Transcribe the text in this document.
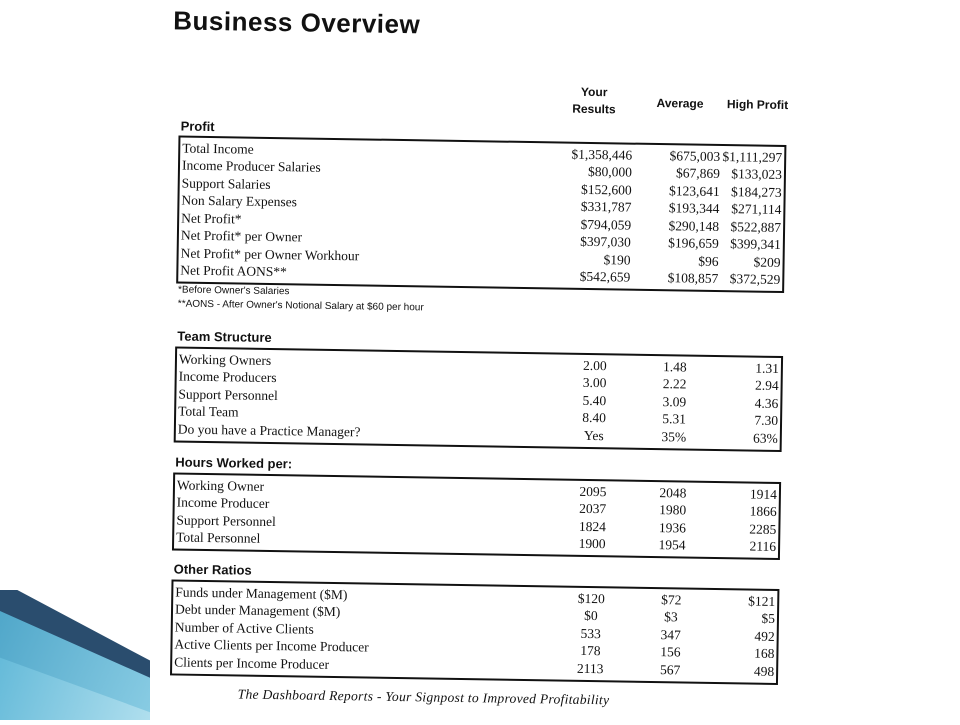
Business Overview
Your
Results	Average	High Profit
Profit
Total Income	$1,358,446	$675,003 $1,111,297
Income Producer Salaries	$80,000	$67,869 $133,023
Support Salaries	$152,600	$123,641 $184,273
Non Salary Expenses	$331,787	$193,344 $271,114
Net Profit*	$794,059	$290,148 $522,887
Net Profit* per Owner	$397,030	$196,659 $399,341
Net Profit* per Owner Workhour	$190	$96	$209
Net Profit AONS**	$542,659	$108,857 $372,529
*Before Owner's Salaries
**AONS - After Owner's Notional Salary at $60 per hour
Team Structure
Working Owners	2.00	1.48	1.31
Income Producers	3.00	2.22	2.94
Support Personnel	5.40	3.09	4.36
Total Team	8.40	5.31	7.30
Do you have a Practice Manager?	Yes	35%	63%
Hours Worked per:
Working Owner	2095	2048	1914
Income Producer	2037	1980	1866
Support Personnel	1824	1936	2285
Total Personnel	1900	1954	2116
Other Ratios
Funds under Management ($M)	$120	$72	$121
Debt under Management ($M)	$0	$3	$5
Number of Active Clients	533	347	492
Active Clients per Income Producer	178	156	168
Clients per Income Producer	2113	567	498
The Dashboard Reports - Your Signpost to Improved Profitability
